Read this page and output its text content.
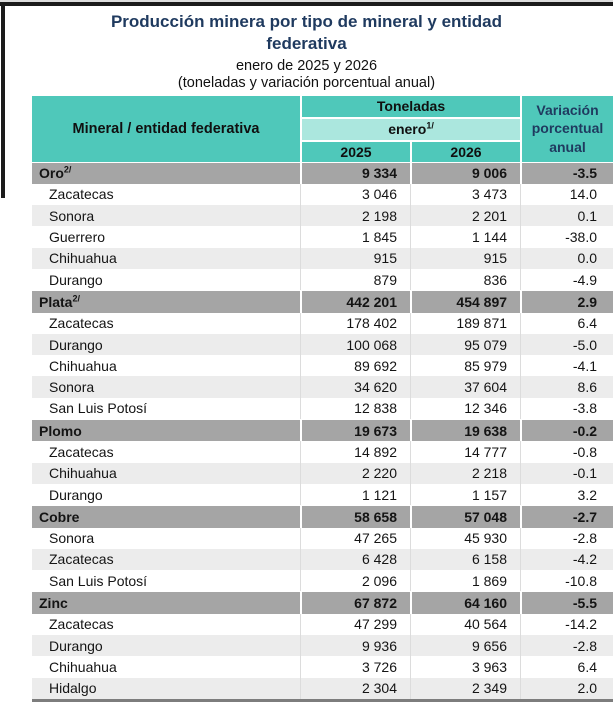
Producción minera por tipo de mineral y entidad federativa
enero de 2025 y 2026
(toneladas y variación porcentual anual)
Mineral / entidad federativa	Toneladas		Variación porcentual anual
	enero$^{1/}$
	2025	2026	
Oro$^{2/}$	9 334	9 006	-3.5
Zacatecas	3 046	3 473	14.0
Sonora	2 198	2 201	0.1
Guerrero	1 845	1 144	-38.0
Chihuahua	915	915	0.0
Durango	879	836	-4.9
Plata$^{2/}$	442 201	454 897	2.9
Zacatecas	178 402	189 871	6.4
Durango	100 068	95 079	-5.0
Chihuahua	89 692	85 979	-4.1
Sonora	34 620	37 604	8.6
San Luis Potosí	12 838	12 346	-3.8
Plomo	19 673	19 638	-0.2
Zacatecas	14 892	14 777	-0.8
Chihuahua	2 220	2 218	-0.1
Durango	1 121	1 157	3.2
Cobre	58 658	57 048	-2.7
Sonora	47 265	45 930	-2.8
Zacatecas	6 428	6 158	-4.2
San Luis Potosí	2 096	1 869	-10.8
Zinc	67 872	64 160	-5.5
Zacatecas	47 299	40 564	-14.2
Durango	9 936	9 656	-2.8
Chihuahua	3 726	3 963	6.4
Hidalgo	2 304	2 349	2.0
